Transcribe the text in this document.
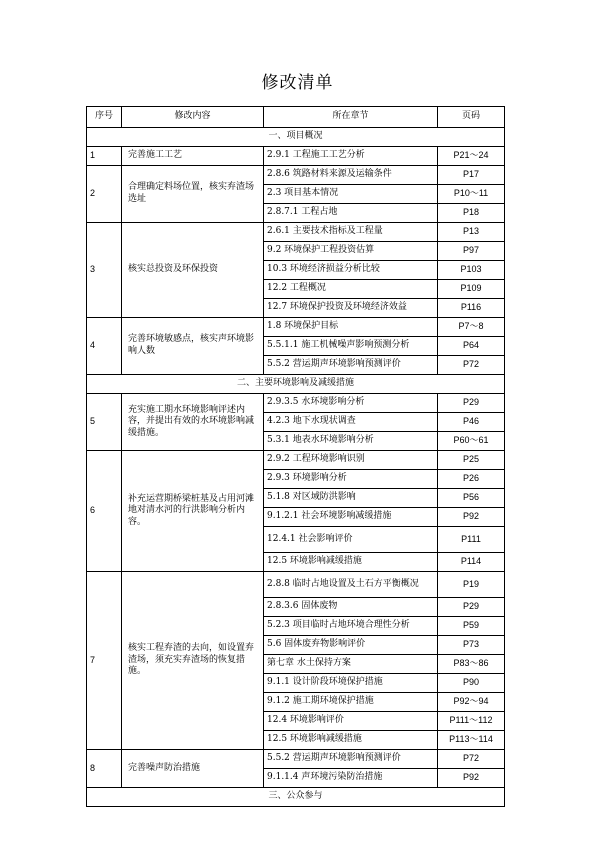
修改清单
序号	修改内容	所在章节	页码
一、项目概况			
1	完善施工工艺	2.9.1 工程施工工艺分析	P21～24
2	合理确定料场位置，核实弃渣场选址	2.8.6 筑路材料来源及运输条件	P17
		2.3 项目基本情况	P10～11
		2.8.7.1 工程占地	P18
3	核实总投资及环保投资	2.6.1 主要技术指标及工程量	P13
		9.2 环境保护工程投资估算	P97
		10.3 环境经济损益分析比较	P103
		12.2 工程概况	P109
		12.7 环境保护投资及环境经济效益	P116
4	完善环境敏感点，核实声环境影响人数	1.8 环境保护目标	P7～8
		5.5.1.1 施工机械噪声影响预测分析	P64
		5.5.2 营运期声环境影响预测评价	P72
二、主要环境影响及减缓措施			
5	充实施工期水环境影响评述内容，并提出有效的水环境影响减缓措施。	2.9.3.5 水环境影响分析	P29
		4.2.3 地下水现状调查	P46
		5.3.1 地表水环境影响分析	P60～61
6	补充运营期桥梁桩基及占用河滩地对清水河的行洪影响分析内容。	2.9.2 工程环境影响识别	P25
		2.9.3 环境影响分析	P26
		5.1.8 对区域防洪影响	P56
		9.1.2.1 社会环境影响减缓措施	P92
		12.4.1 社会影响评价	P111
		12.5 环境影响减缓措施	P114
7	核实工程弃渣的去向，如设置弃渣场，须充实弃渣场的恢复措施。	2.8.8 临时占地设置及土石方平衡概况	P19
		2.8.3.6 固体废物	P29
		5.2.3 项目临时占地环境合理性分析	P59
		5.6 固体废弃物影响评价	P73
		第七章 水土保持方案	P83～86
		9.1.1 设计阶段环境保护措施	P90
		9.1.2 施工期环境保护措施	P92～94
		12.4 环境影响评价	P111～112
		12.5 环境影响减缓措施	P113～114
8	完善噪声防治措施	5.5.2 营运期声环境影响预测评价	P72
		9.1.1.4 声环境污染防治措施	P92
三、公众参与			
